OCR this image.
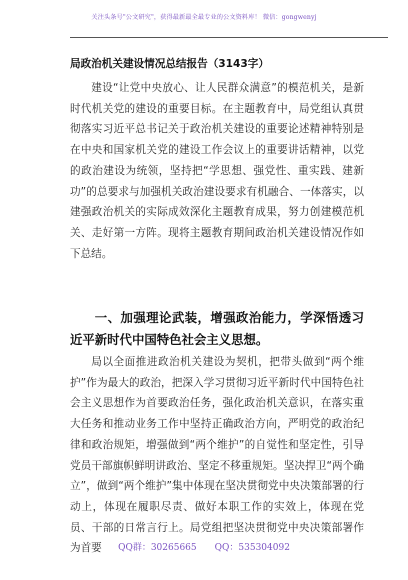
关注头条号"公文研究"，获得最新最全最专业的公文资料库！ 微信：gongwenyj
局政治机关建设情况总结报告（3143字）
建设“让党中央放心、让人民群众满意”的模范机关，是新时代机关党的建设的重要目标。在主题教育中，局党组认真贯彻落实习近平总书记关于政治机关建设的重要论述精神特别是在中央和国家机关党的建设工作会议上的重要讲话精神，以党的政治建设为统领，坚持把“学思想、强党性、重实践、建新功”的总要求与加强机关政治建设要求有机融合、一体落实，以建强政治机关的实际成效深化主题教育成果，努力创建模范机关、走好第一方阵。现将主题教育期间政治机关建设情况作如下总结。
一、加强理论武装，增强政治能力，学深悟透习近平新时代中国特色社会主义思想。
局以全面推进政治机关建设为契机，把带头做到“两个维护”作为最大的政治，把深入学习贯彻习近平新时代中国特色社会主义思想作为首要政治任务，强化政治机关意识，在落实重大任务和推动业务工作中坚持正确政治方向，严明党的政治纪律和政治规矩，增强做到“两个维护”的自觉性和坚定性，引导党员干部旗帜鲜明讲政治、坚定不移重规矩。坚决捍卫“两个确立”，做到“两个维护”集中体现在坚决贯彻党中央决策部署的行动上，体现在履职尽责、做好本职工作的实效上，体现在党员、干部的日常言行上。局党组把坚决贯彻党中央决策部署作为首要	QQ群：30265665 QQ：535304092
